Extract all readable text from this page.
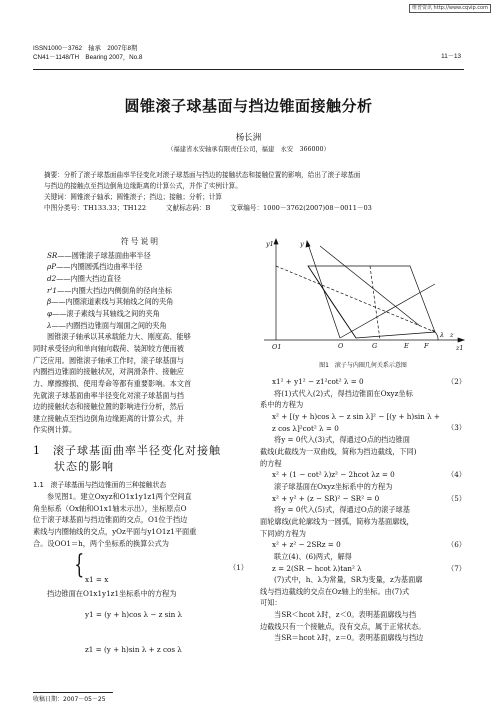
维普资讯 http://www.cqvip.com
ISSN1000－3762　轴承　2007年8期
CN41－1148/TH　Bearing 2007，No.8	11－13
圆锥滚子球基面与挡边锥面接触分析
杨长洲
（福建省永安轴承有限责任公司，福建　永安　366000）
摘要：分析了滚子球基面曲率半径变化对滚子球基面与挡边的接触状态和接触位置的影响，给出了滚子球基面
与挡边的接触点至挡边倒角边缘距离的计算公式，并作了实例计算。
关键词：圆锥滚子轴承；圆锥滚子；挡边；接触；分析；计算
中图分类号：TH133.33；TH122　　　文献标志码：B　　　文章编号：1000－3762(2007)08－0011－03
符号说明
SR——圆锥滚子球基面曲率半径
ρP——内圈圆弧挡边曲率半径
d2——内圈大挡边直径
r'1——内圈大挡边内侧倒角的径向坐标
β——内圈滚道素线与其轴线之间的夹角
φ——滚子素线与其轴线之间的夹角
λ——内圈挡边锥面与端面之间的夹角
圆锥滚子轴承以其承载能力大、刚度高、能够
同时承受径向和单向轴向载荷、装卸较方便而被
广泛应用。圆锥滚子轴承工作时，滚子球基面与
内圈挡边锥面的接触状况，对润滑条件、接触应
力、摩擦擦损、使用寿命等都有重要影响。本文首
先就滚子球基面曲率半径变化对滚子球基面与挡
边的接触状态和接触位置的影响进行分析，然后
建立接触点至挡边倒角边缘距离的计算公式，并
作实例计算。
1　 滚子球基面曲率半径变化对接触
状态的影响
1.1　滚子球基面与挡边锥面的三种接触状态
参见图1。建立Oxyz和O1x1y1z1两个空间直
角坐标系（Ox轴和O1x1轴未示出），坐标原点O
位于滚子球基面与挡边锥面的交点，O1位于挡边
素线与内圈轴线的交点，yOz平面与y1O1z1平面重
合。设OO1＝h，两个坐标系的换算公式为
{

x1 = x

y1 = (y + h)cos λ − z sin λ

z1 = (y + h)sin λ + z cos λ

（1）
挡边锥面在O1x1y1z1坐标系中的方程为
收稿日期：2007－05－25
y1	y
O1	O	G	E F
λ z
z1
图1　滚子与内圈几何关系示意图
x1² + y1² − z1²cot² λ = 0	（2）
将(1)式代入(2)式，得挡边锥面在Oxyz坐标
系中的方程为
x² + [(y + h)cos λ − z sin λ]² − [(y + h)sin λ +
z cos λ]²cot² λ = 0	（3）
将y = 0代入(3)式，得通过O点的挡边锥面
截线(此截线为一双曲线，简称为挡边截线，下同)
的方程
x² + (1 − cot² λ)z² − 2hcot λz = 0	（4）
滚子球基面在Oxyz坐标系中的方程为
x² + y² + (z − SR)² − SR² = 0	（5）
将y = 0代入(5)式，得通过O点的滚子球基
面轮廓线(此轮廓线为一圆弧，简称为基面廓线，
下同)的方程为
x² + z² − 2SRz = 0	（6）
联立(4)、(6)两式，解得
z = 2(SR − hcot λ)tan² λ	（7）
(7)式中，h、λ为常量，SR为变量，z为基面廓
线与挡边截线的交点在Oz轴上的坐标。由(7)式
可知：
当SR＜hcot λ时，z＜0。表明基面廓线与挡
边截线只有一个接触点，没有交点，属于正常状态。
当SR＝hcot λ时，z＝0。表明基面廓线与挡边
